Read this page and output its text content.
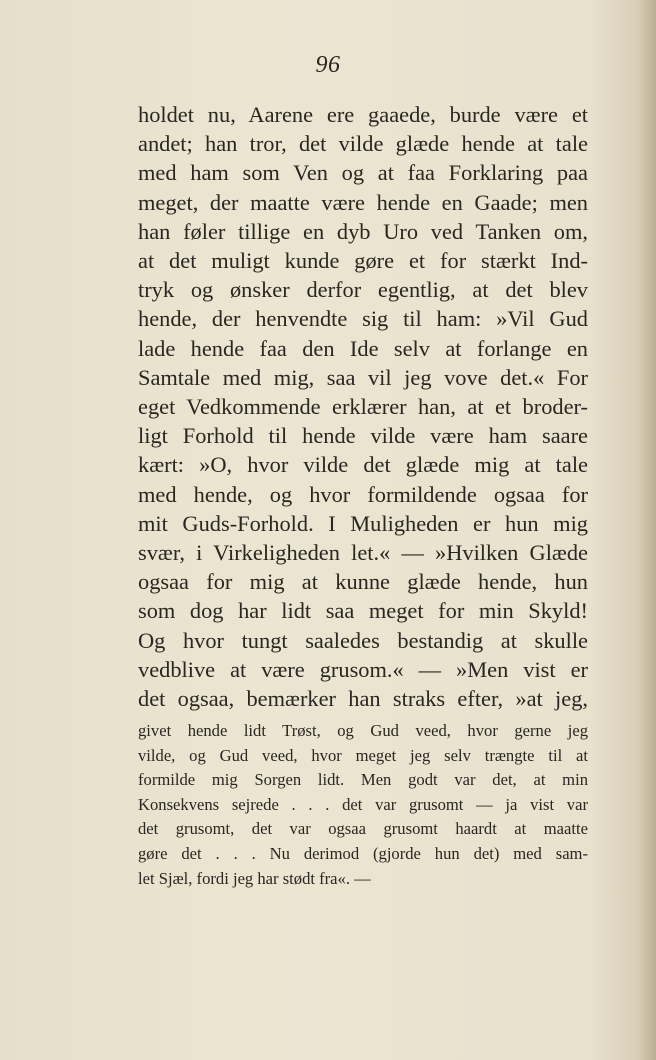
96
holdet nu, Aarene ere gaaede, burde være et
andet; han tror, det vilde glæde hende at tale
med ham som Ven og at faa Forklaring paa
meget, der maatte være hende en Gaade; men
han føler tillige en dyb Uro ved Tanken om,
at det muligt kunde gøre et for stærkt Ind-
tryk og ønsker derfor egentlig, at det blev
hende, der henvendte sig til ham: »Vil Gud
lade hende faa den Ide selv at forlange en
Samtale med mig, saa vil jeg vove det.« For
eget Vedkommende erklærer han, at et broder-
ligt Forhold til hende vilde være ham saare
kært: »O, hvor vilde det glæde mig at tale
med hende, og hvor formildende ogsaa for
mit Guds-Forhold. I Muligheden er hun mig
svær, i Virkeligheden let.« — »Hvilken Glæde
ogsaa for mig at kunne glæde hende, hun
som dog har lidt saa meget for min Skyld!
Og hvor tungt saaledes bestandig at skulle
vedblive at være grusom.« — »Men vist er
det ogsaa, bemærker han straks efter, »at jeg,
givet hende lidt Trøst, og Gud veed, hvor gerne jeg
vilde, og Gud veed, hvor meget jeg selv trængte til at
formilde mig Sorgen lidt. Men godt var det, at min
Konsekvens sejrede . . . det var grusomt — ja vist var
det grusomt, det var ogsaa grusomt haardt at maatte
gøre det . . . Nu derimod (gjorde hun det) med sam-
let Sjæl, fordi jeg har stødt fra«. —
